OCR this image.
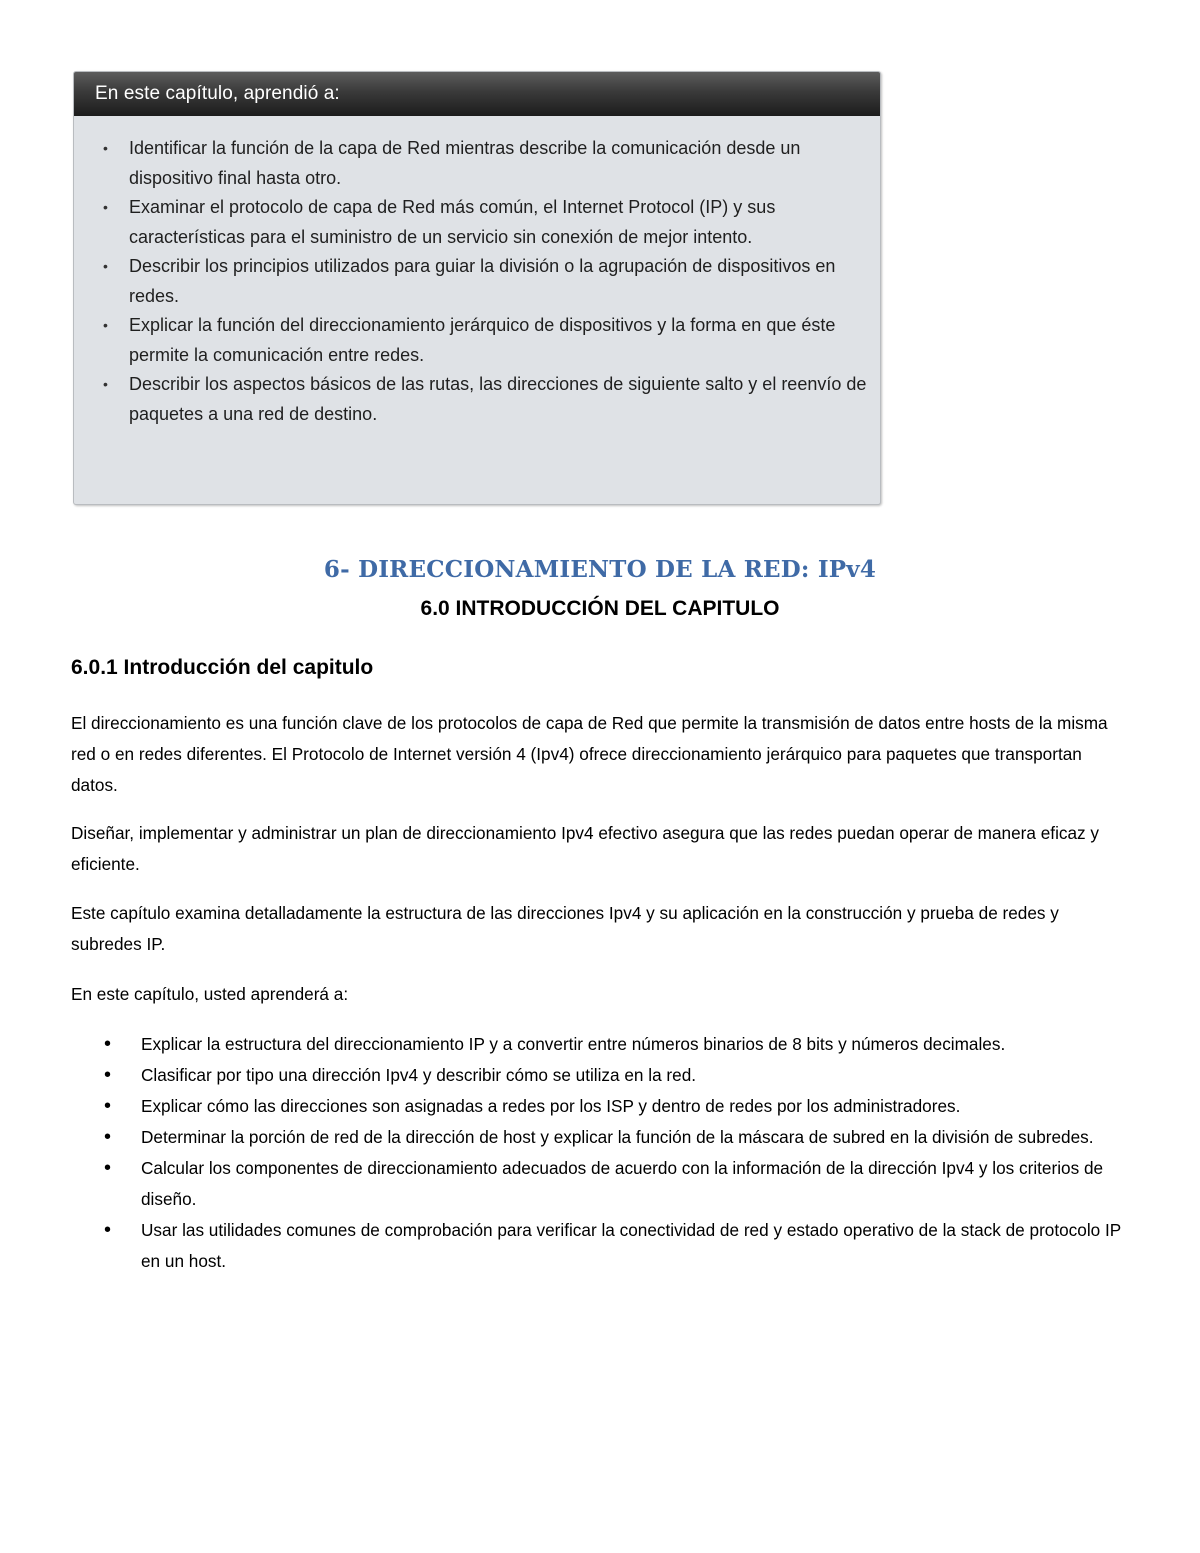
En este capítulo, aprendió a:
• Identificar la función de la capa de Red mientras describe la comunicación desde un dispositivo final hasta otro.
• Examinar el protocolo de capa de Red más común, el Internet Protocol (IP) y sus características para el suministro de un servicio sin conexión de mejor intento.
• Describir los principios utilizados para guiar la división o la agrupación de dispositivos en redes.
• Explicar la función del direccionamiento jerárquico de dispositivos y la forma en que éste permite la comunicación entre redes.
• Describir los aspectos básicos de las rutas, las direcciones de siguiente salto y el reenvío de paquetes a una red de destino.
6- DIRECCIONAMIENTO DE LA RED: IPv4
6.0 INTRODUCCIÓN DEL CAPITULO
6.0.1 Introducción del capitulo

El direccionamiento es una función clave de los protocolos de capa de Red que permite la transmisión de datos entre hosts de la misma red o en redes diferentes. El Protocolo de Internet versión 4 (Ipv4) ofrece direccionamiento jerárquico para paquetes que transportan datos.

Diseñar, implementar y administrar un plan de direccionamiento Ipv4 efectivo asegura que las redes puedan operar de manera eficaz y eficiente.

Este capítulo examina detalladamente la estructura de las direcciones Ipv4 y su aplicación en la construcción y prueba de redes y subredes IP.

En este capítulo, usted aprenderá a:

• Explicar la estructura del direccionamiento IP y a convertir entre números binarios de 8 bits y números decimales.
• Clasificar por tipo una dirección Ipv4 y describir cómo se utiliza en la red.
• Explicar cómo las direcciones son asignadas a redes por los ISP y dentro de redes por los administradores.
• Determinar la porción de red de la dirección de host y explicar la función de la máscara de subred en la división de subredes.
• Calcular los componentes de direccionamiento adecuados de acuerdo con la información de la dirección Ipv4 y los criterios de diseño.
• Usar las utilidades comunes de comprobación para verificar la conectividad de red y estado operativo de la stack de protocolo IP en un host.
